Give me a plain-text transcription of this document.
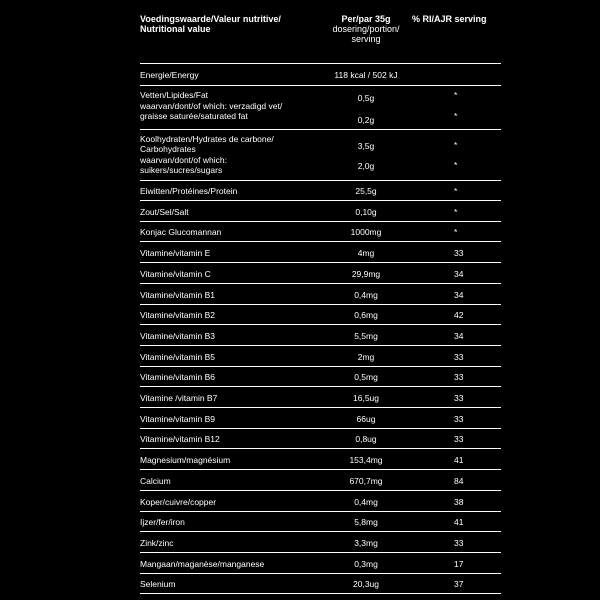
Voedingswaarde/Valeur nutritive/
Nutritional value
Per/par 35g
dosering/portion/
serving
% RI/AJR serving
Energie/Energy	118 kcal / 502 kJ
Vetten/Lipides/Fat	0,5g	*
waarvan/dont/of which: verzadigd vet/
graisse saturée/saturated fat	0,2g	*
Koolhydraten/Hydrates de carbone/
Carbohydrates	3,5g	*
waarvan/dont/of which:
suikers/sucres/sugars	2,0g	*
Eiwitten/Protéines/Protein	25,5g	*
Zout/Sel/Salt	0,10g	*
Konjac Glucomannan	1000mg	*
Vitamine/vitamin E	4mg	33
Vitamine/vitamin C	29,9mg	34
Vitamine/vitamin B1	0,4mg	34
Vitamine/vitamin B2	0,6mg	42
Vitamine/vitamin B3	5,5mg	34
Vitamine/vitamin B5	2mg	33
Vitamine/vitamin B6	0,5mg	33
Vitamine /vitamin B7	16,5ug	33
Vitamine/vitamin B9	66ug	33
Vitamine/vitamin B12	0,8ug	33
Magnesium/magnésium	153,4mg	41
Calcium	670,7mg	84
Koper/cuivre/copper	0,4mg	38
Ijzer/fer/iron	5,8mg	41
Zink/zinc	3,3mg	33
Mangaan/maganèse/manganese	0,3mg	17
Selenium	20,3ug	37
